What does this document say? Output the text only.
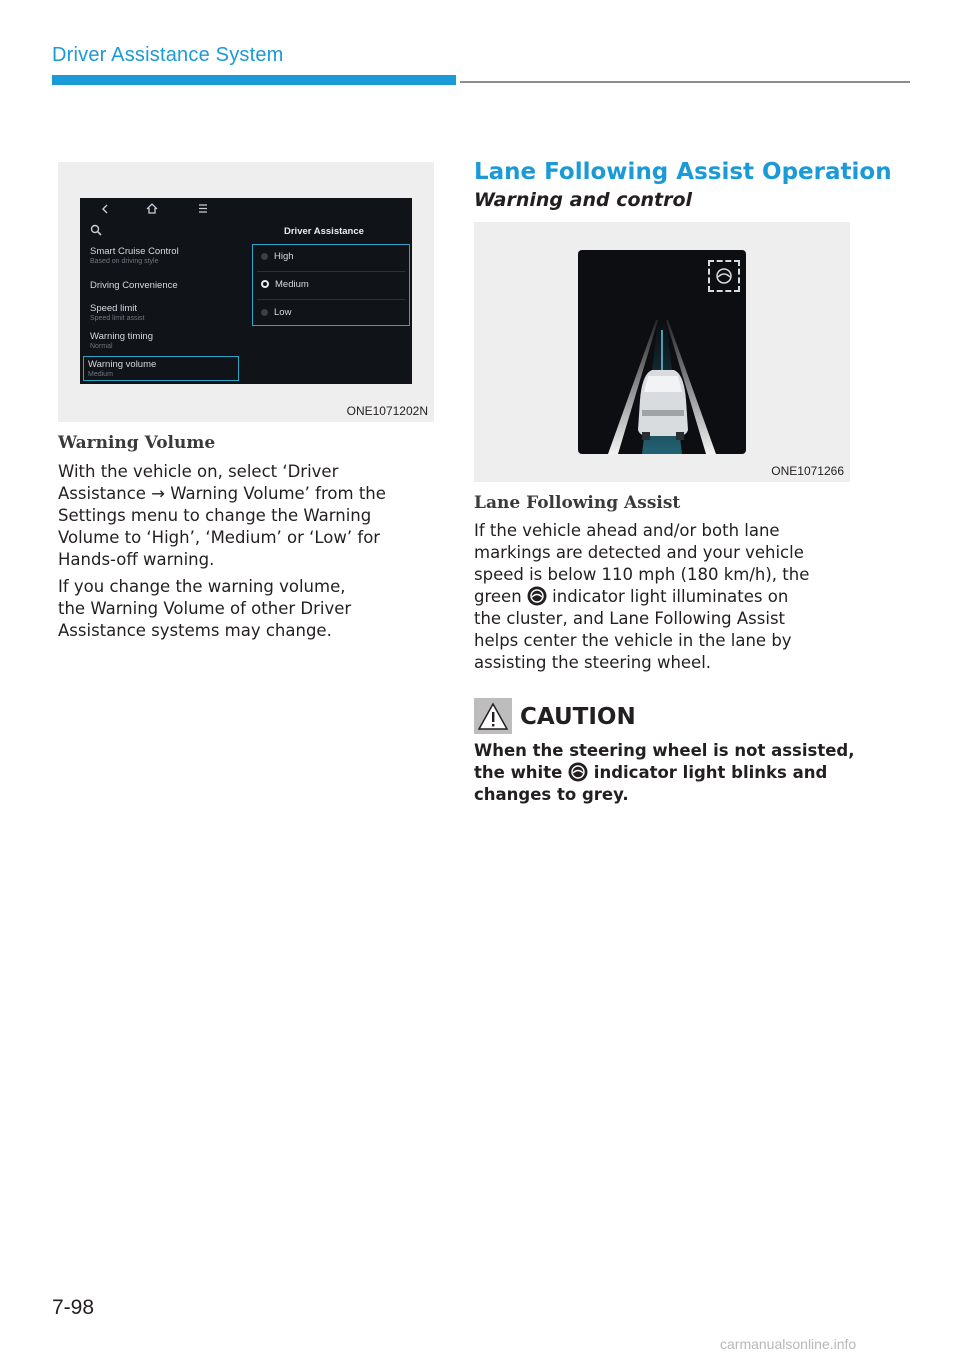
Driver Assistance System
Driver Assistance
Smart Cruise Control
Based on driving style
Driving Convenience
Speed limit
Speed limit assist
Warning timing
Normal
Warning volume
Medium
High
Medium
Low
ONE1071202N
Warning Volume
With the vehicle on, select ‘Driver
Assistance → Warning Volume’ from the
Settings menu to change the Warning
Volume to ‘High’, ‘Medium’ or ‘Low’ for
Hands-off warning.
If you change the warning volume,
the Warning Volume of other Driver
Assistance systems may change.
Lane Following Assist Operation
Warning and control
ONE1071266
Lane Following Assist
If the vehicle ahead and/or both lane
markings are detected and your vehicle
speed is below 110 mph (180 km/h), the
green indicator light illuminates on
the cluster, and Lane Following Assist
helps center the vehicle in the lane by
assisting the steering wheel.
CAUTION
When the steering wheel is not assisted,
the white indicator light blinks and
changes to grey.
7-98
carmanualsonline.info
